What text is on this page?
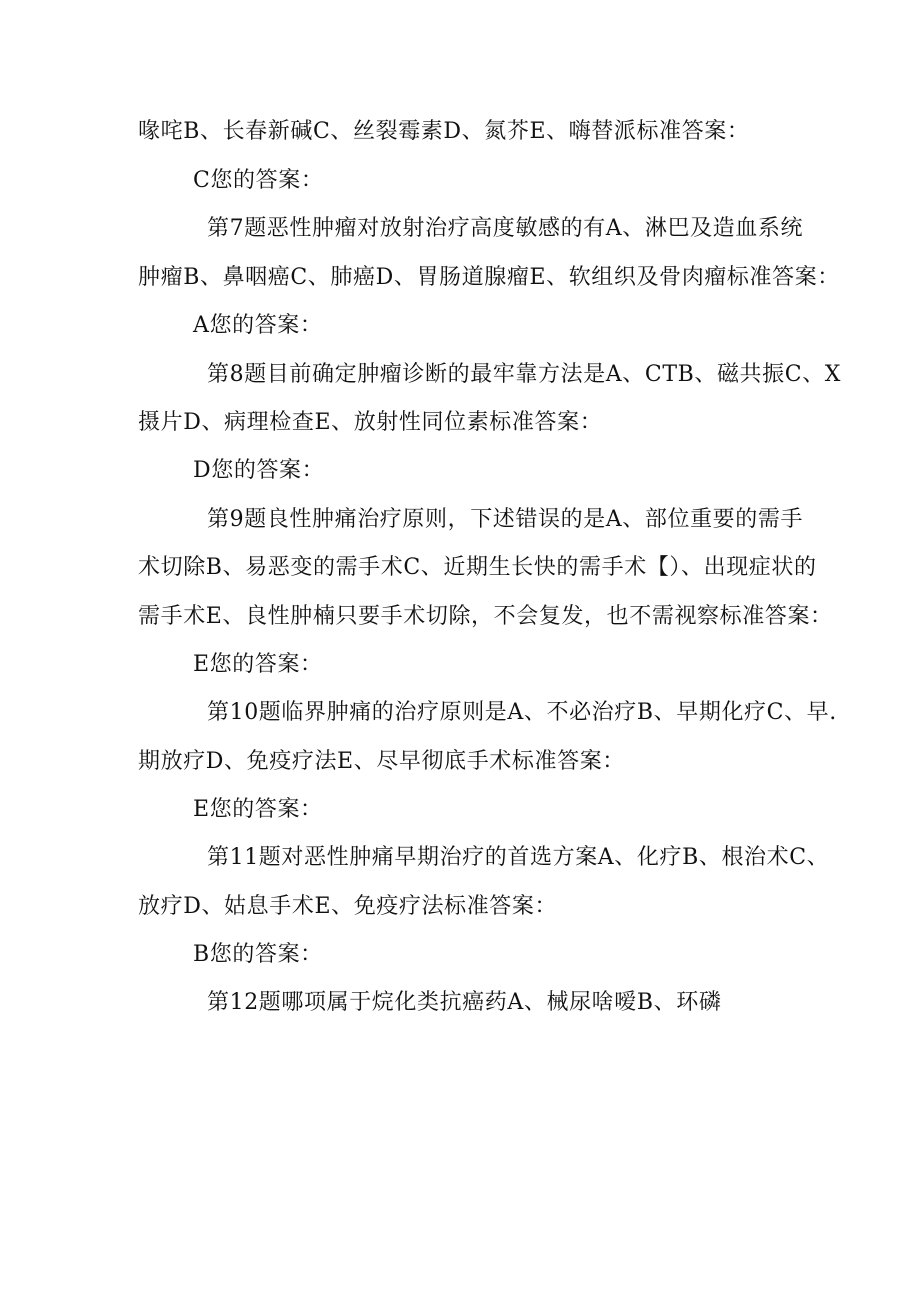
喙咤B、长春新碱C、丝裂霉素D、氮芥E、嗨替派标准答案：
C您的答案：
第7题恶性肿瘤对放射治疗高度敏感的有A、淋巴及造血系统
肿瘤B、鼻咽癌C、肺癌D、胃肠道腺瘤E、软组织及骨肉瘤标准答案：
A您的答案：
第8题目前确定肿瘤诊断的最牢靠方法是A、CTB、磁共振C、X
摄片D、病理检查E、放射性同位素标准答案：
D您的答案：
第9题良性肿痛治疗原则，下述错误的是A、部位重要的需手
术切除B、易恶变的需手术C、近期生长快的需手术【）、出现症状的
需手术E、良性肿楠只要手术切除，不会复发，也不需视察标准答案：
E您的答案：
第10题临界肿痛的治疗原则是A、不必治疗B、早期化疗C、早.
期放疗D、免疫疗法E、尽早彻底手术标准答案：
E您的答案：
第11题对恶性肿痛早期治疗的首选方案A、化疗B、根治术C、
放疗D、姑息手术E、免疫疗法标准答案：
B您的答案：
第12题哪项属于烷化类抗癌药A、械尿啥嗳B、环磷
